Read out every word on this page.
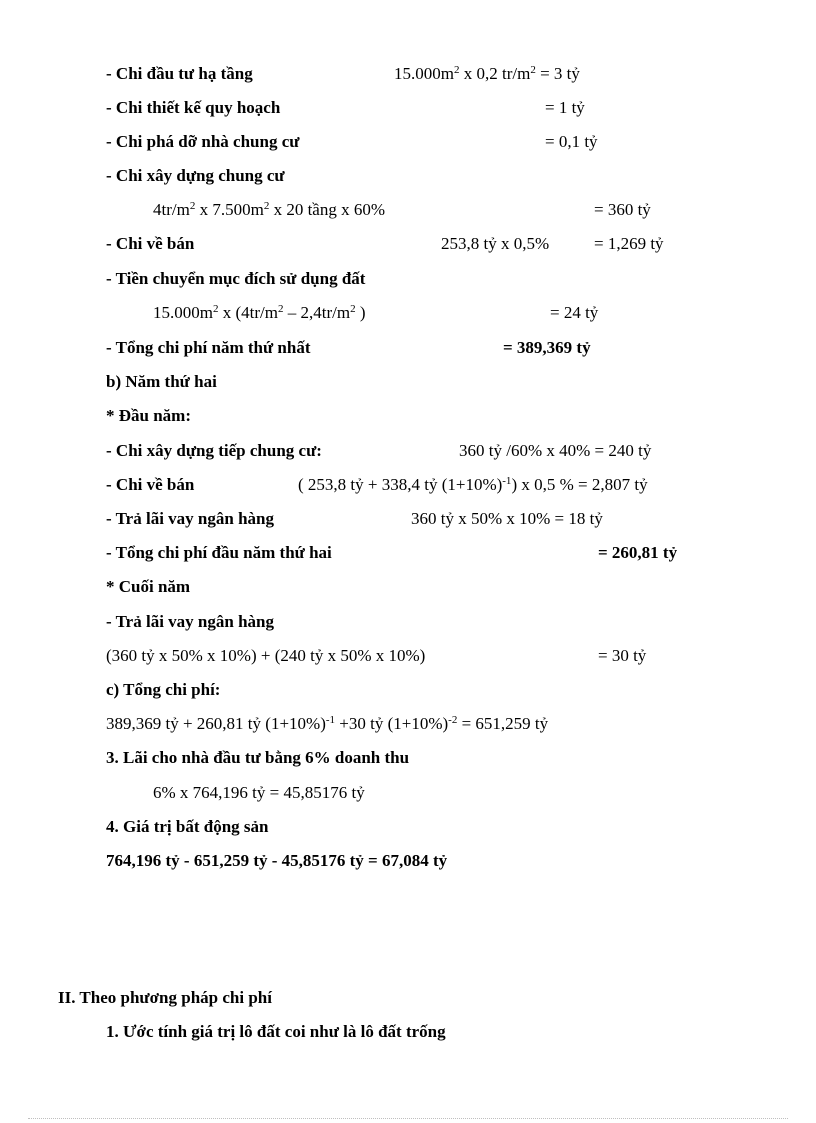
- Chi đầu tư hạ tầng	$15.000m^2$ x 0,2 $tr/m^2 = 3$ tỷ
- Chi thiết kế quy hoạch	= 1 tỷ
- Chi phá dỡ nhà chung cư	= 0,1 tỷ
- Chi xây dựng chung cư
$4tr/m^2$ x $7.500m^2$ x 20 tầng x 60%	= 360 tỷ
- Chi về bán	253,8 tỷ x 0,5%	= 1,269 tỷ
- Tiền chuyển mục đích sử dụng đất
$15.000m^2$ x ($4tr/m^2 - 2,4tr/m^2$ )	= 24 tỷ
- Tổng chi phí năm thứ nhất	= 389,369 tỷ
b) Năm thứ hai
* Đầu năm:
- Chi xây dựng tiếp chung cư:	360 tỷ /60% x 40% = 240 tỷ
- Chi về bán	( 253,8 tỷ + 338,4 tỷ $(1+10\%)^{-1}$) x 0,5 % = 2,807 tỷ
- Trả lãi vay ngân hàng	360 tỷ x 50% x 10% = 18 tỷ
- Tổng chi phí đầu năm thứ hai	= 260,81 tỷ
* Cuối năm
- Trả lãi vay ngân hàng
(360 tỷ x 50% x 10%) + (240 tỷ x 50% x 10%)	= 30 tỷ
c) Tổng chi phí:
389,369 tỷ + 260,81 tỷ $(1+10\%)^{-1} +30$ tỷ $(1+10\%)^{-2} = 651,259$ tỷ
3. Lãi cho nhà đầu tư bằng 6% doanh thu
6% x 764,196 tỷ = 45,85176 tỷ
4. Giá trị bất động sản
764,196 tỷ - 651,259 tỷ - 45,85176 tỷ = 67,084 tỷ
II. Theo phương pháp chi phí
1. Ước tính giá trị lô đất coi như là lô đất trống
